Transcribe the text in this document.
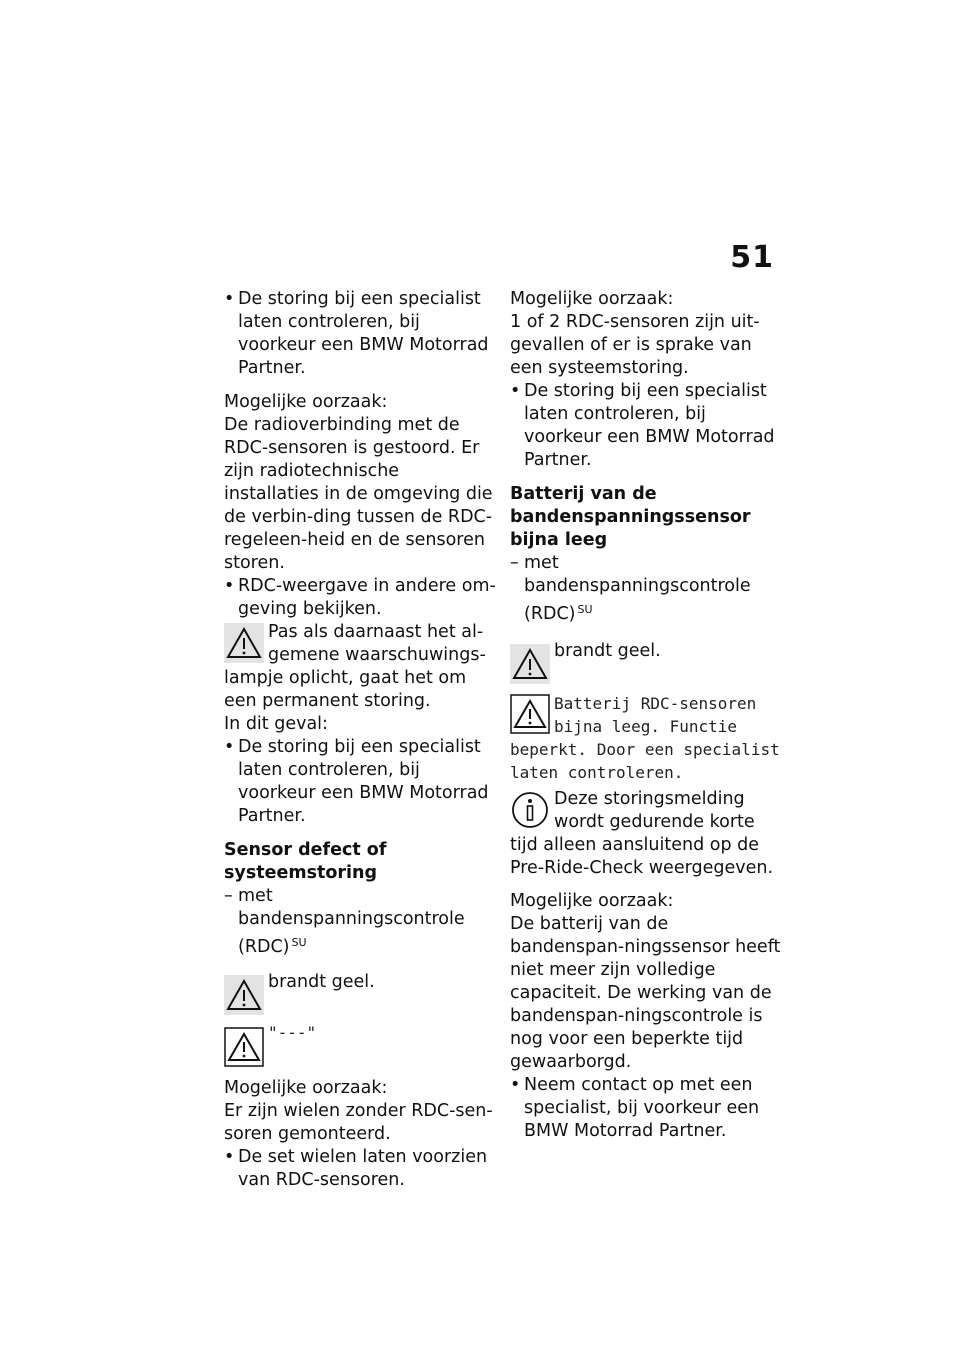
51
• De storing bij een specialist laten controleren, bij voorkeur een BMW Motorrad Partner.
Mogelijke oorzaak:
De radioverbinding met de RDC-sensoren is gestoord. Er zijn radiotechnische installaties in de omgeving die de verbin-ding tussen de RDC-regeleen-heid en de sensoren storen.
• RDC-weergave in andere om-geving bekijken.
Pas als daarnaast het al-gemene waarschuwings-lampje oplicht, gaat het om een permanent storing.
In dit geval:
• De storing bij een specialist laten controleren, bij voorkeur een BMW Motorrad Partner.
Sensor defect of systeemstoring
– met bandenspanningscontrole (RDC) $^{SU}$
brandt geel.
"---"
Mogelijke oorzaak:
Er zijn wielen zonder RDC-sen-soren gemonteerd.
• De set wielen laten voorzien van RDC-sensoren.
Mogelijke oorzaak:
1 of 2 RDC-sensoren zijn uit-gevallen of er is sprake van een systeemstoring.
• De storing bij een specialist laten controleren, bij voorkeur een BMW Motorrad Partner.
Batterij van de bandenspanningssensor bijna leeg
– met bandenspanningscontrole (RDC) $^{SU}$
brandt geel.
Batterij RDC-sensoren bijna leeg. Functie beperkt. Door een specialist laten controleren.
Deze storingsmelding wordt gedurende korte tijd alleen aansluitend op de Pre-Ride-Check weergegeven.
Mogelijke oorzaak:
De batterij van de bandenspan-ningssensor heeft niet meer zijn volledige capaciteit. De werking van de bandenspan-ningscontrole is nog voor een beperkte tijd gewaarborgd.
• Neem contact op met een specialist, bij voorkeur een BMW Motorrad Partner.
